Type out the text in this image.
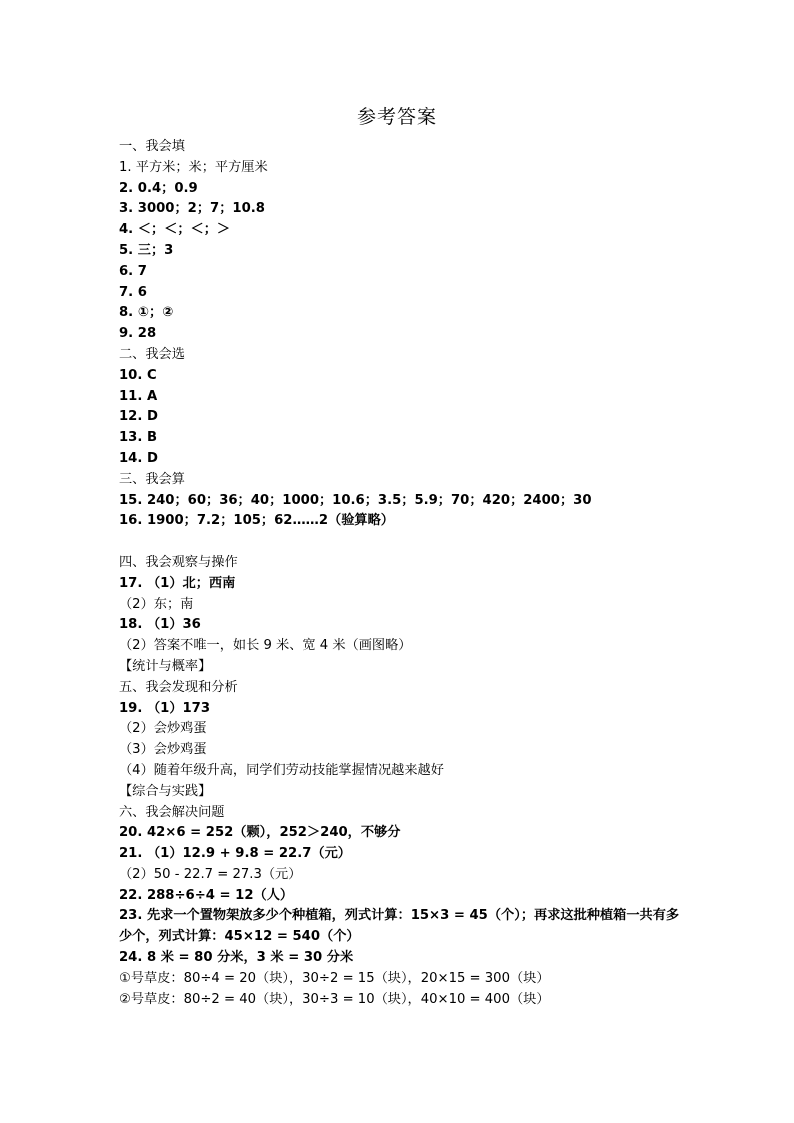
参考答案
一、我会填
1. 平方米；米；平方厘米
2. 0.4；0.9
3. 3000；2；7；10.8
4. ＜；＜；＜；＞
5. 三；3
6. 7
7. 6
8. ①；②
9. 28
二、我会选
10. C
11. A
12. D
13. B
14. D
三、我会算
15. 240；60；36；40；1000；10.6；3.5；5.9；70；420；2400；30
16. 1900；7.2；105；62……2（验算略）
四、我会观察与操作
17. （1）北；西南
（2）东；南
18. （1）36
（2）答案不唯一，如长 9 米、宽 4 米（画图略）
【统计与概率】
五、我会发现和分析
19. （1）173
（2）会炒鸡蛋
（3）会炒鸡蛋
（4）随着年级升高，同学们劳动技能掌握情况越来越好
【综合与实践】
六、我会解决问题
20. 42×6 = 252（颗），252＞240，不够分
21. （1）12.9 + 9.8 = 22.7（元）
（2）50 - 22.7 = 27.3（元）
22. 288÷6÷4 = 12（人）
23. 先求一个置物架放多少个种植箱，列式计算：15×3 = 45（个）；再求这批种植箱一共有多少个，列式计算：45×12 = 540（个）
24. 8 米 = 80 分米，3 米 = 30 分米
①号草皮：80÷4 = 20（块），30÷2 = 15（块），20×15 = 300（块）
②号草皮：80÷2 = 40（块），30÷3 = 10（块），40×10 = 400（块）
